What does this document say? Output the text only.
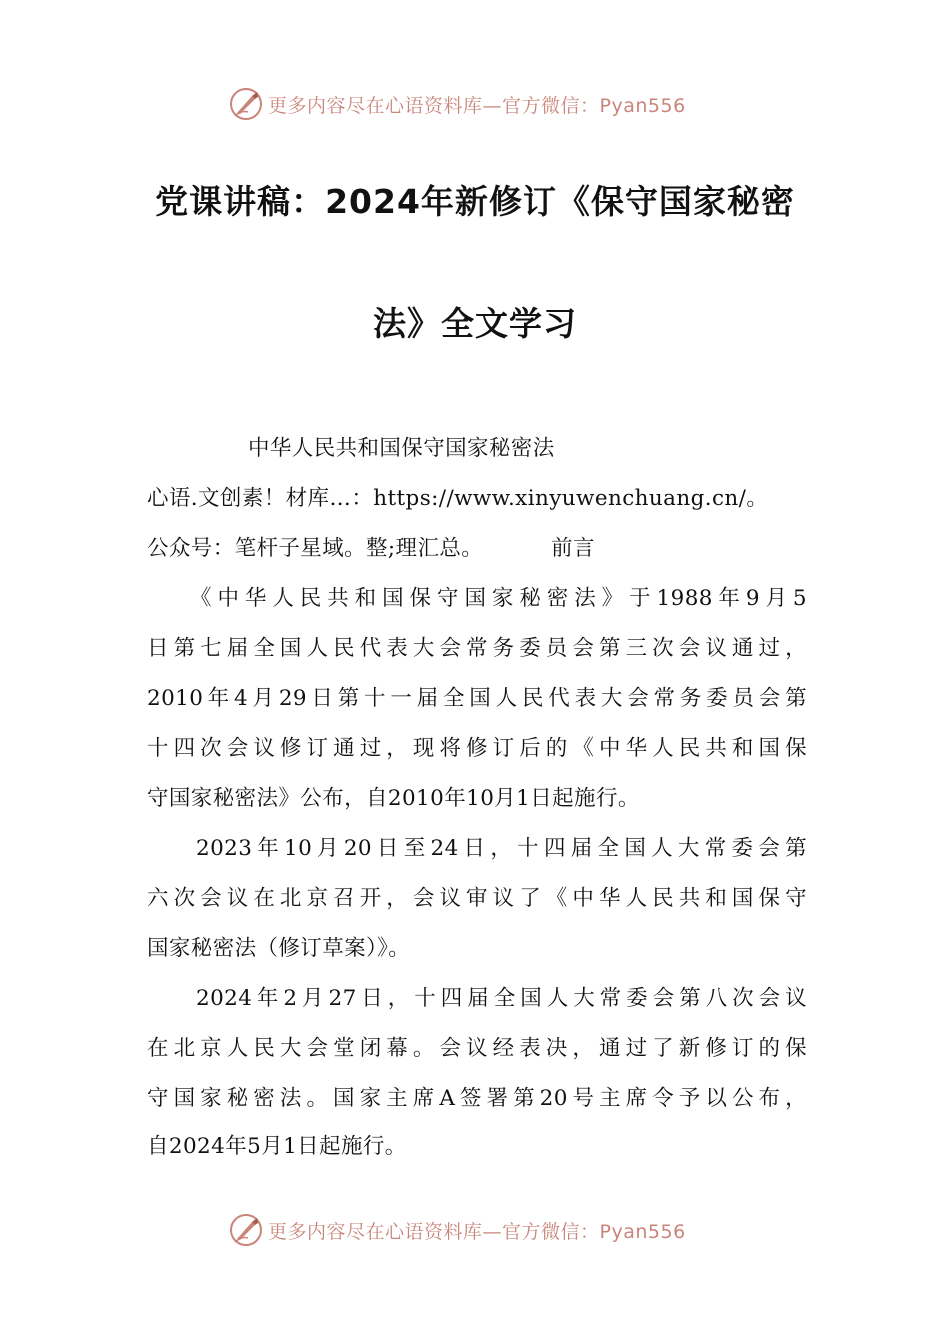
更多内容尽在心语资料库—官方微信：Pyan556
党课讲稿：2024年新修订《保守国家秘密
法》全文学习
中华人民共和国保守国家秘密法
心语.文创素！材库…：https://www.xinyuwenchuang.cn/。
公众号：笔杆子星域。整;理汇总。	前言
《中华人民共和国保守国家秘密法》于1988年9月5
日第七届全国人民代表大会常务委员会第三次会议通过，
2010年4月29日第十一届全国人民代表大会常务委员会第
十四次会议修订通过，现将修订后的《中华人民共和国保
守国家秘密法》公布，自2010年10月1日起施行。
2023年10月20日至24日，十四届全国人大常委会第
六次会议在北京召开，会议审议了《中华人民共和国保守
国家秘密法（修订草案）》。
2024年2月27日，十四届全国人大常委会第八次会议
在北京人民大会堂闭幕。会议经表决，通过了新修订的保
守国家秘密法。国家主席A签署第20号主席令予以公布，
自2024年5月1日起施行。
更多内容尽在心语资料库—官方微信：Pyan556
